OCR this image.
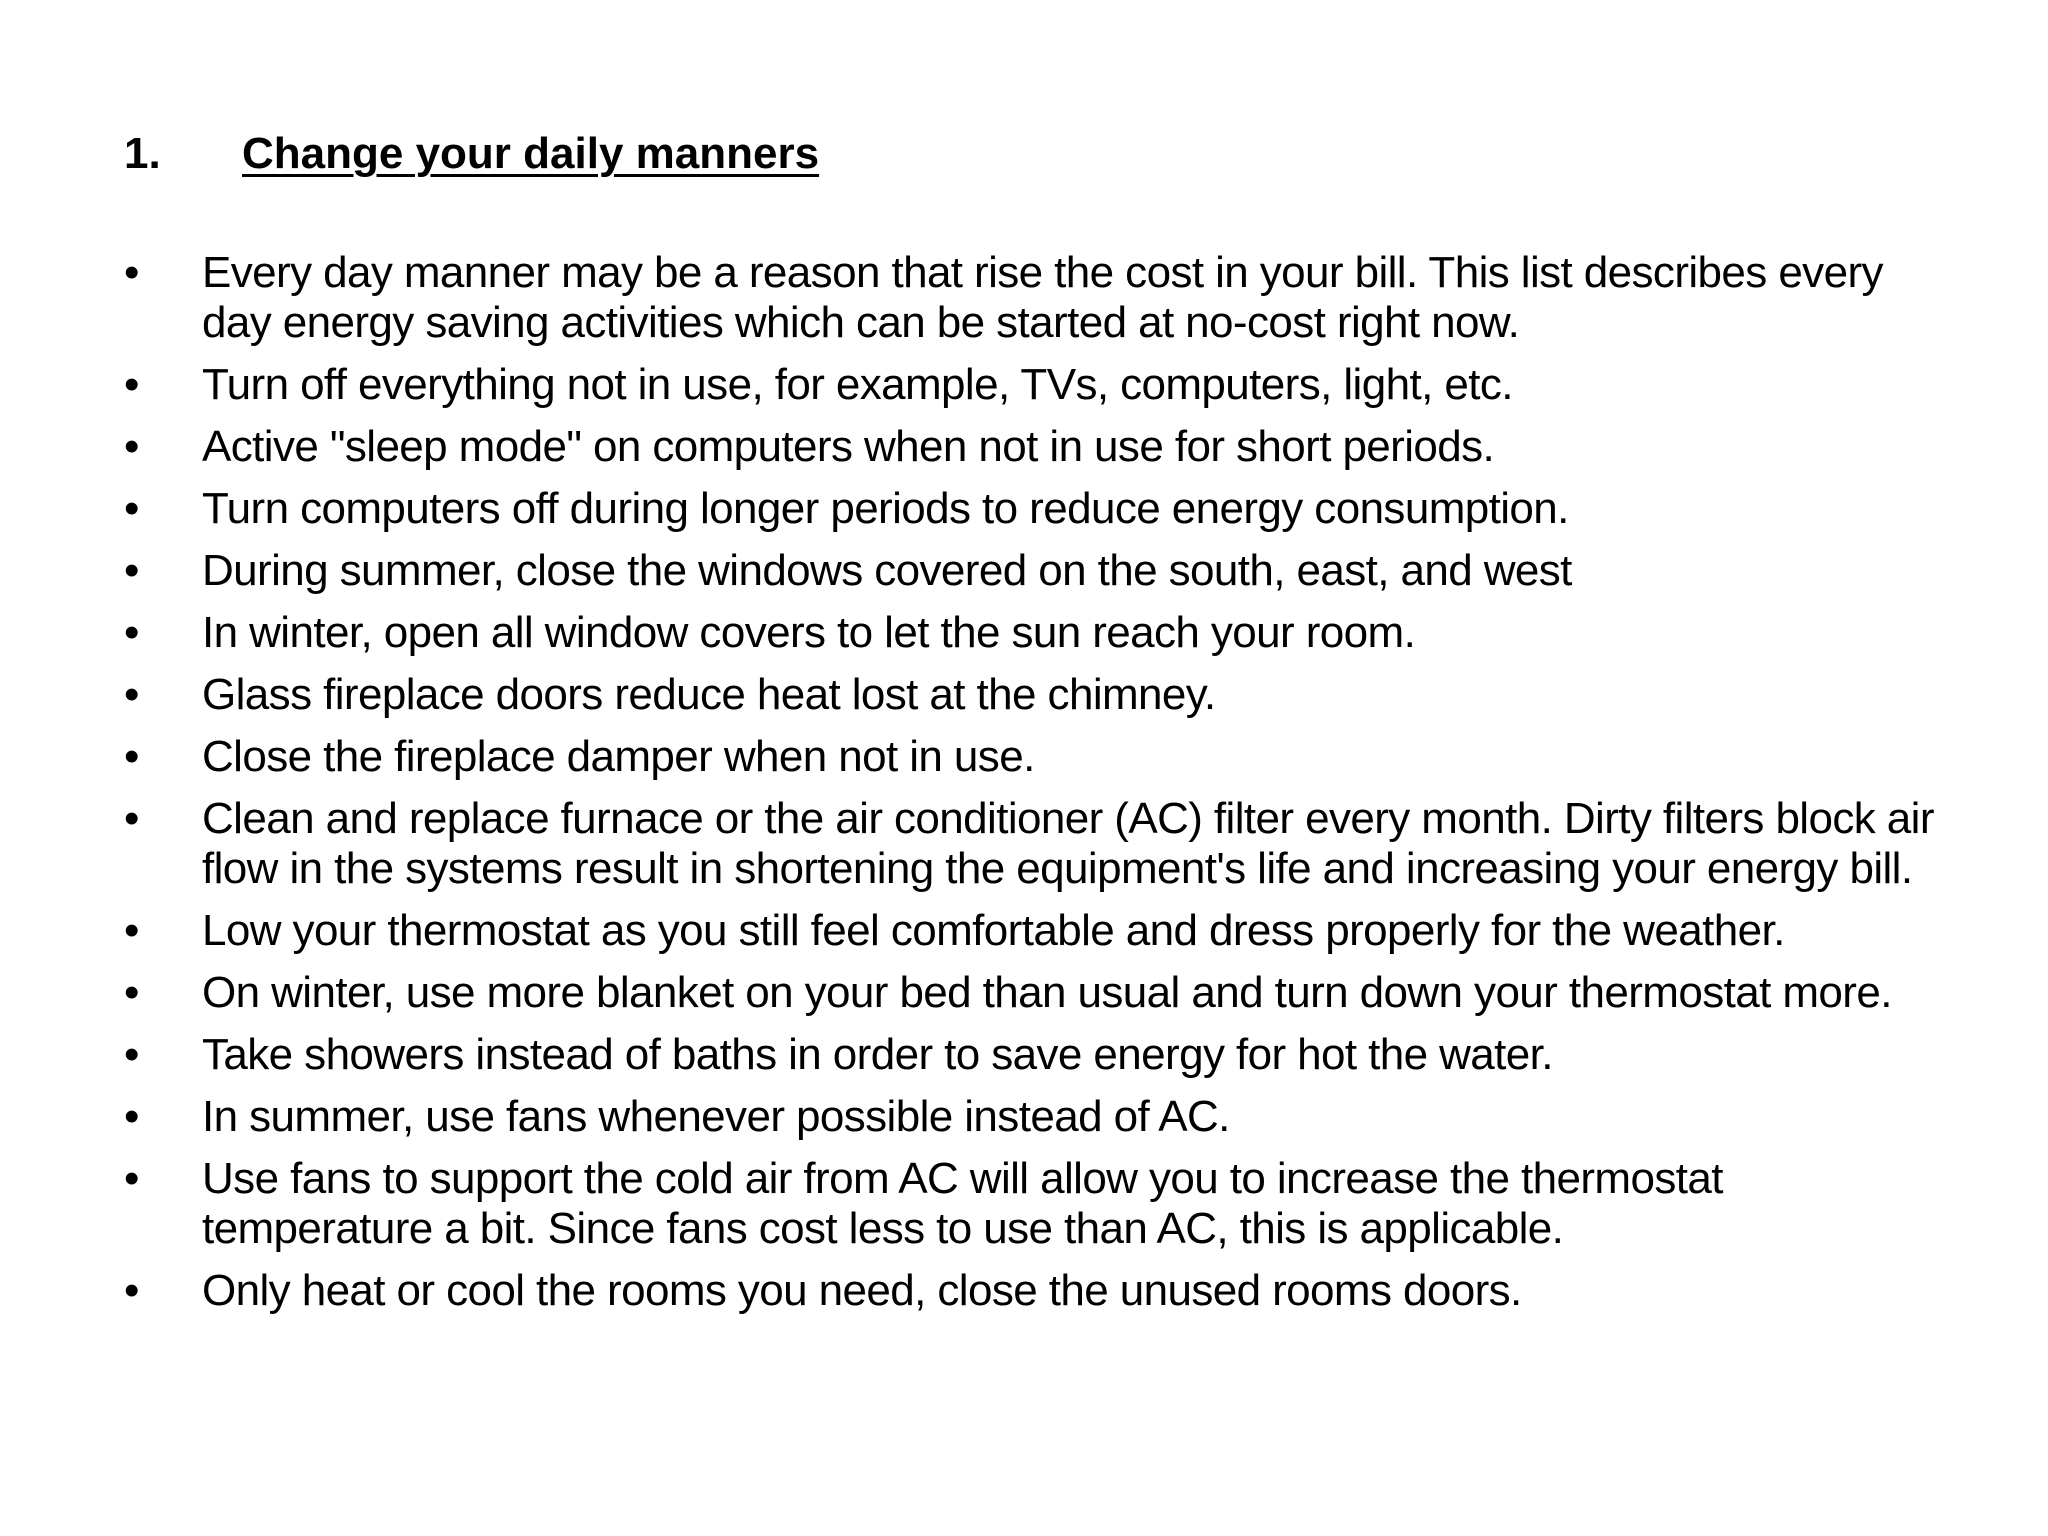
1.	Change your daily manners
•	Every day manner may be a reason that rise the cost in your bill. This list describes every day energy saving activities which can be started at no-cost right now.
•	Turn off everything not in use, for example, TVs, computers, light, etc.
•	Active "sleep mode" on computers when not in use for short periods.
•	Turn computers off during longer periods to reduce energy consumption.
•	During summer, close the windows covered on the south, east, and west
•	In winter, open all window covers to let the sun reach your room.
•	Glass fireplace doors reduce heat lost at the chimney.
•	Close the fireplace damper when not in use.
•	Clean and replace furnace or the air conditioner (AC) filter every month. Dirty filters block air flow in the systems result in shortening the equipment's life and increasing your energy bill.
•	Low your thermostat as you still feel comfortable and dress properly for the weather.
•	On winter, use more blanket on your bed than usual and turn down your thermostat more.
•	Take showers instead of baths in order to save energy for hot the water.
•	In summer, use fans whenever possible instead of AC.
•	Use fans to support the cold air from AC will allow you to increase the thermostat temperature a bit. Since fans cost less to use than AC, this is applicable.
•	Only heat or cool the rooms you need, close the unused rooms doors.
